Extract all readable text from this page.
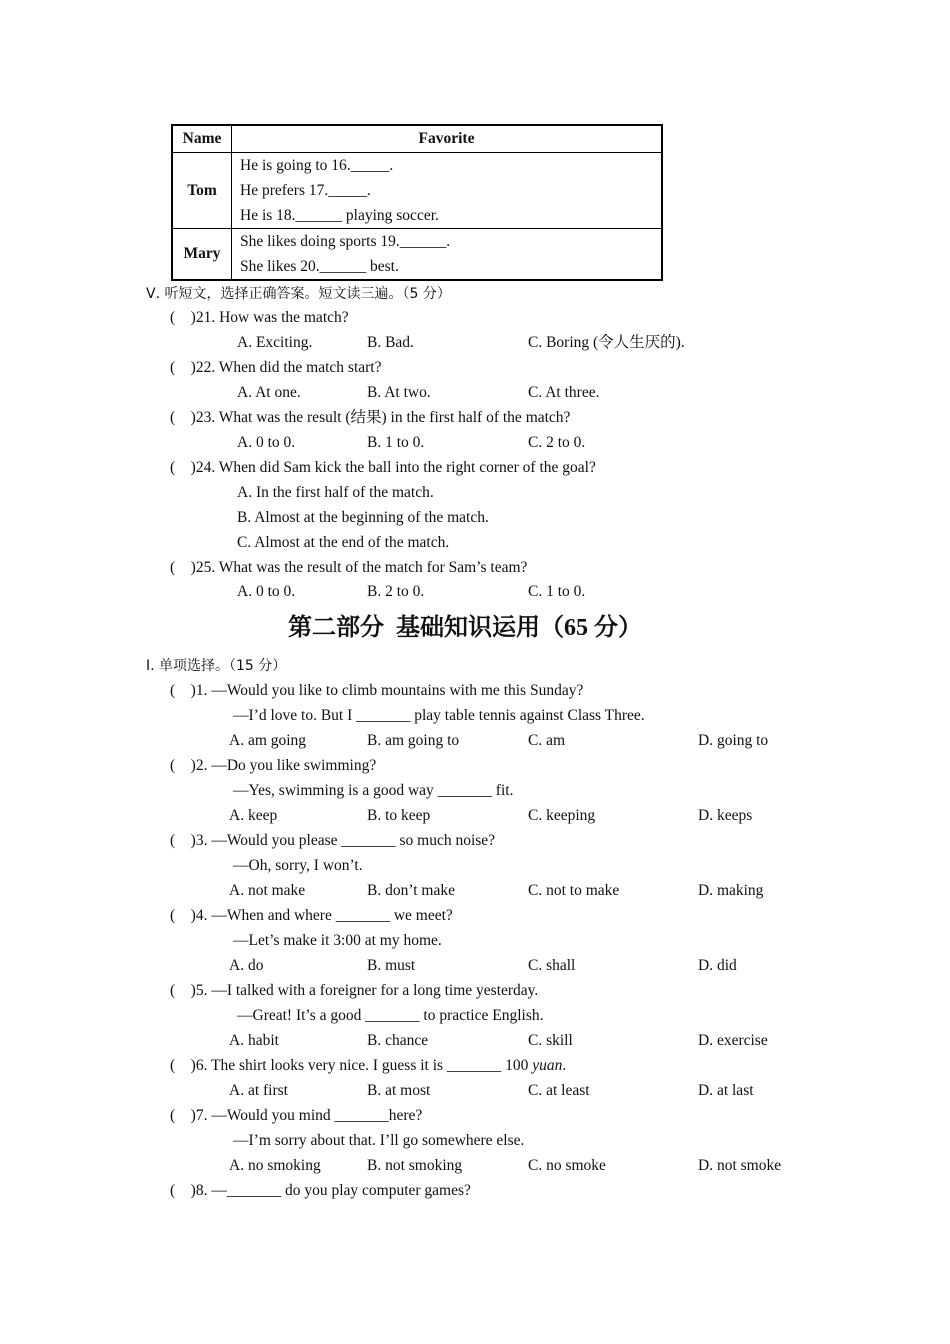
Name	Favorite
Tom	He is going to 16._____.
He prefers 17._____.
He is 18.______ playing soccer.

Mary	She likes doing sports 19.______.
She likes 20.______ best.
Ⅴ. 听短文，选择正确答案。短文读三遍。（5 分）
(    )21. How was the match?
A. Exciting.	B. Bad.	C. Boring (令人生厌的).
(    )22. When did the match start?
A. At one.	B. At two.	C. At three.
(    )23. What was the result (结果) in the first half of the match?
A. 0 to 0.	B. 1 to 0.	C. 2 to 0.
(    )24. When did Sam kick the ball into the right corner of the goal?
A. In the first half of the match.
B. Almost at the beginning of the match.
C. Almost at the end of the match.
(    )25. What was the result of the match for Sam’s team?
A. 0 to 0.	B. 2 to 0.	C. 1 to 0.
第二部分  基础知识运用（65 分）
Ⅰ. 单项选择。（15 分）
(    )1. —Would you like to climb mountains with me this Sunday?
—I’d love to. But I _______ play table tennis against Class Three.
A. am going	B. am going to	C. am	D. going to
(    )2. —Do you like swimming?
—Yes, swimming is a good way _______ fit.
A. keep	B. to keep	C. keeping	D. keeps
(    )3. —Would you please _______ so much noise?
—Oh, sorry, I won’t.
A. not make	B. don’t make	C. not to make	D. making
(    )4. —When and where _______ we meet?
—Let’s make it 3:00 at my home.
A. do	B. must	C. shall	D. did
(    )5. —I talked with a foreigner for a long time yesterday.
—Great! It’s a good _______ to practice English.
A. habit	B. chance	C. skill	D. exercise
(    )6. The shirt looks very nice. I guess it is _______ 100 yuan.
A. at first	B. at most	C. at least	D. at last
(    )7. —Would you mind _______here?
—I’m sorry about that. I’ll go somewhere else.
A. no smoking	B. not smoking	C. no smoke	D. not smoke
(    )8. —_______ do you play computer games?
